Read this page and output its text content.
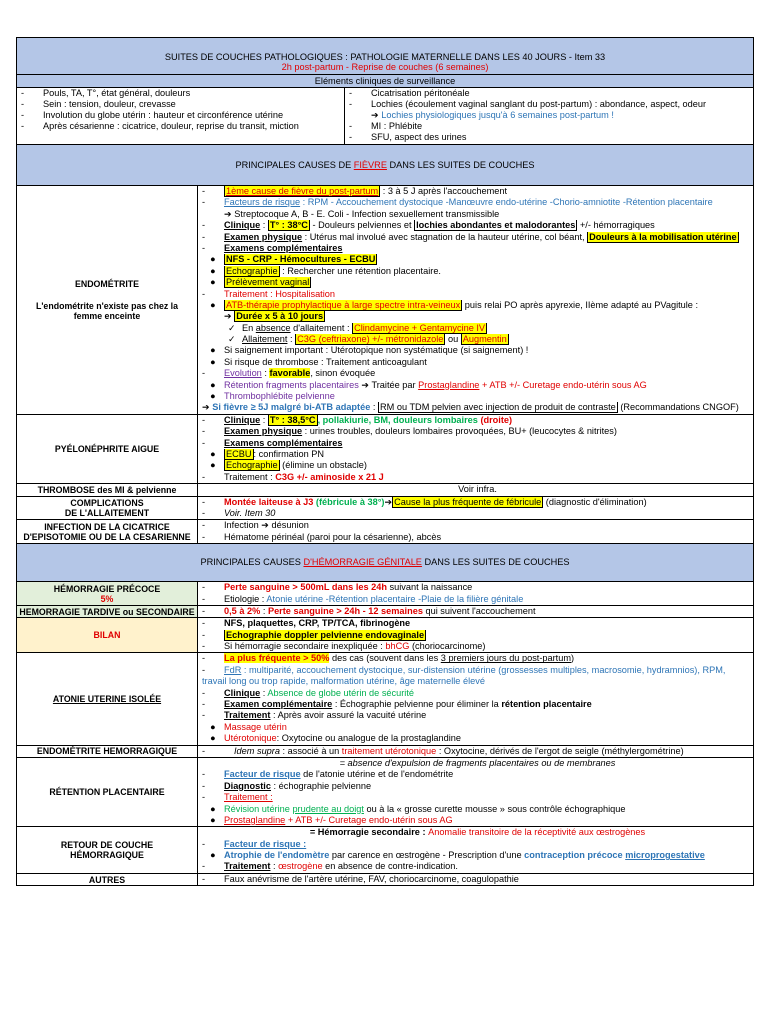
SUITES DE COUCHES PATHOLOGIQUES : PATHOLOGIE MATERNELLE DANS LES 40 JOURS - Item 33
2h post-partum - Reprise de couches (6 semaines)
Eléments cliniques de surveillance
- Pouls, TA, T°, état général, douleurs
- Sein : tension, douleur, crevasse
- Involution du globe utérin : hauteur et circonférence utérine
- Après césarienne : cicatrice, douleur, reprise du transit, miction
- Cicatrisation péritonéale
- Lochies (écoulement vaginal sanglant du post-partum) : abondance, aspect, odeur
➔ Lochies physiologiques jusqu'à 6 semaines post-partum !
- MI : Phlébite
- SFU, aspect des urines
PRINCIPALES CAUSES DE FIÈVRE DANS LES SUITES DE COUCHES
ENDOMÉTRITE
L'endométrite n'existe pas chez la femme enceinte
- 1ème cause de fièvre du post-partum : 3 à 5 J après l'accouchement
- Facteurs de risque : RPM - Accouchement dystocique -Manœuvre endo-utérine -Chorio-amniotite -Rétention placentaire
➔ Streptocoque A, B - E. Coli - Infection sexuellement transmissible
- Clinique : T° : 38°C - Douleurs pelviennes et lochies abondantes et malodorantes +/- hémorragiques
- Examen physique : Utérus mal involué avec stagnation de la hauteur utérine, col béant, Douleurs à la mobilisation utérine
- Examens complémentaires
● NFS - CRP - Hémocultures - ECBU
● Echographie : Rechercher une rétention placentaire.
● Prélèvement vaginal
- Traitement : Hospitalisation
● ATB-thérapie prophylactique à large spectre intra-veineux puis relai PO après apyrexie, IIème adapté au PVagitule :
➔ Durée x 5 à 10 jours
✓ En absence d'allaitement : Clindamycine + Gentamycine IV
✓ Allaitement : C3G (ceftriaxone) +/- métronidazole ou Augmentin
● Si saignement important : Utérotopique non systématique (si saignement) !
● Si risque de thrombose : Traitement anticoagulant
- Evolution : favorable, sinon évoquée
● Rétention fragments placentaires ➔ Traitée par Prostaglandine + ATB +/- Curetage endo-utérin sous AG
● Thrombophlébite pelvienne
➔ Si fièvre ≥ 5J malgré bi-ATB adaptée : RM ou TDM pelvien avec injection de produit de contraste (Recommandations CNGOF)
PYÉLONÉPHRITE AIGUE
- Clinique : T° : 38,5°C , pollakiurie, BM, douleurs lombaires (droite)
- Examen physique : urines troubles, douleurs lombaires provoquées, BU+ (leucocytes & nitrites)
- Examens complémentaires
● ECBU : confirmation PN
● Echographie (élimine un obstacle)
- Traitement : C3G +/- aminoside x 21 J
THROMBOSE des MI & pelvienne	Voir infra.
COMPLICATIONS
DE L'ALLAITEMENT
- Montée laiteuse à J3 (fébricule à 38°)➔ Cause la plus fréquente de fébricule (diagnostic d'élimination)
- Voir. Item 30
INFECTION DE LA CICATRICE
D'EPISOTOMIE OU DE LA CESARIENNE
- Infection ➔ désunion
- Hématome périnéal (paroi pour la césarienne), abcès
PRINCIPALES CAUSES D'HÉMORRAGIE GÉNITALE DANS LES SUITES DE COUCHES
HÉMORRAGIE PRÉCOCE
5%
- Perte sanguine > 500mL dans les 24h suivant la naissance
- Etiologie : Atonie utérine -Rétention placentaire -Plaie de la filière génitale
HEMORRAGIE TARDIVE ou SECONDAIRE - 0,5 à 2% : Perte sanguine > 24h - 12 semaines qui suivent l'accouchement
BILAN
- NFS, plaquettes, CRP, TP/TCA, fibrinogène
- Echographie doppler pelvienne endovaginale
- Si hémorragie secondaire inexpliquée : bhCG (choriocarcinome)
ATONIE UTERINE ISOLÉE
- La plus fréquente > 50% des cas (souvent dans les 3 premiers jours du post-partum)
- FdR : multiparité, accouchement dystocique, sur-distension utérine (grossesses multiples, macrosomie, hydramnios), RPM,
travail long ou trop rapide, malformation utérine, âge maternelle élevé
- Clinique : Absence de globe utérin de sécurité
- Examen complémentaire : Échographie pelvienne pour éliminer la rétention placentaire
- Traitement : Après avoir assuré la vacuité utérine
● Massage utérin
● Utérotonique: Oxytocine ou analogue de la prostaglandine
ENDOMÉTRITE HEMORRAGIQUE	-	Idem supra : associé à un traitement utérotonique : Oxytocine, dérivés de l'ergot de seigle (méthylergométrine)
RÉTENTION PLACENTAIRE
= absence d'expulsion de fragments placentaires ou de membranes
- Facteur de risque de l'atonie utérine et de l'endométrite
- Diagnostic : échographie pelvienne
- Traitement :
● Révision utérine prudente au doigt ou à la « grosse curette mousse » sous contrôle échographique
● Prostaglandine + ATB +/- Curetage endo-utérin sous AG
RETOUR DE COUCHE
HÉMORRAGIQUE
= Hémorragie secondaire : Anomalie transitoire de la réceptivité aux œstrogènes
- Facteur de risque :
● Atrophie de l'endomètre par carence en œstrogène - Prescription d'une contraception précoce microprogestative
- Traitement : œstrogène en absence de contre-indication.
AUTRES	- Faux anévrisme de l'artère utérine, FAV, choriocarcinome, coagulopathie
